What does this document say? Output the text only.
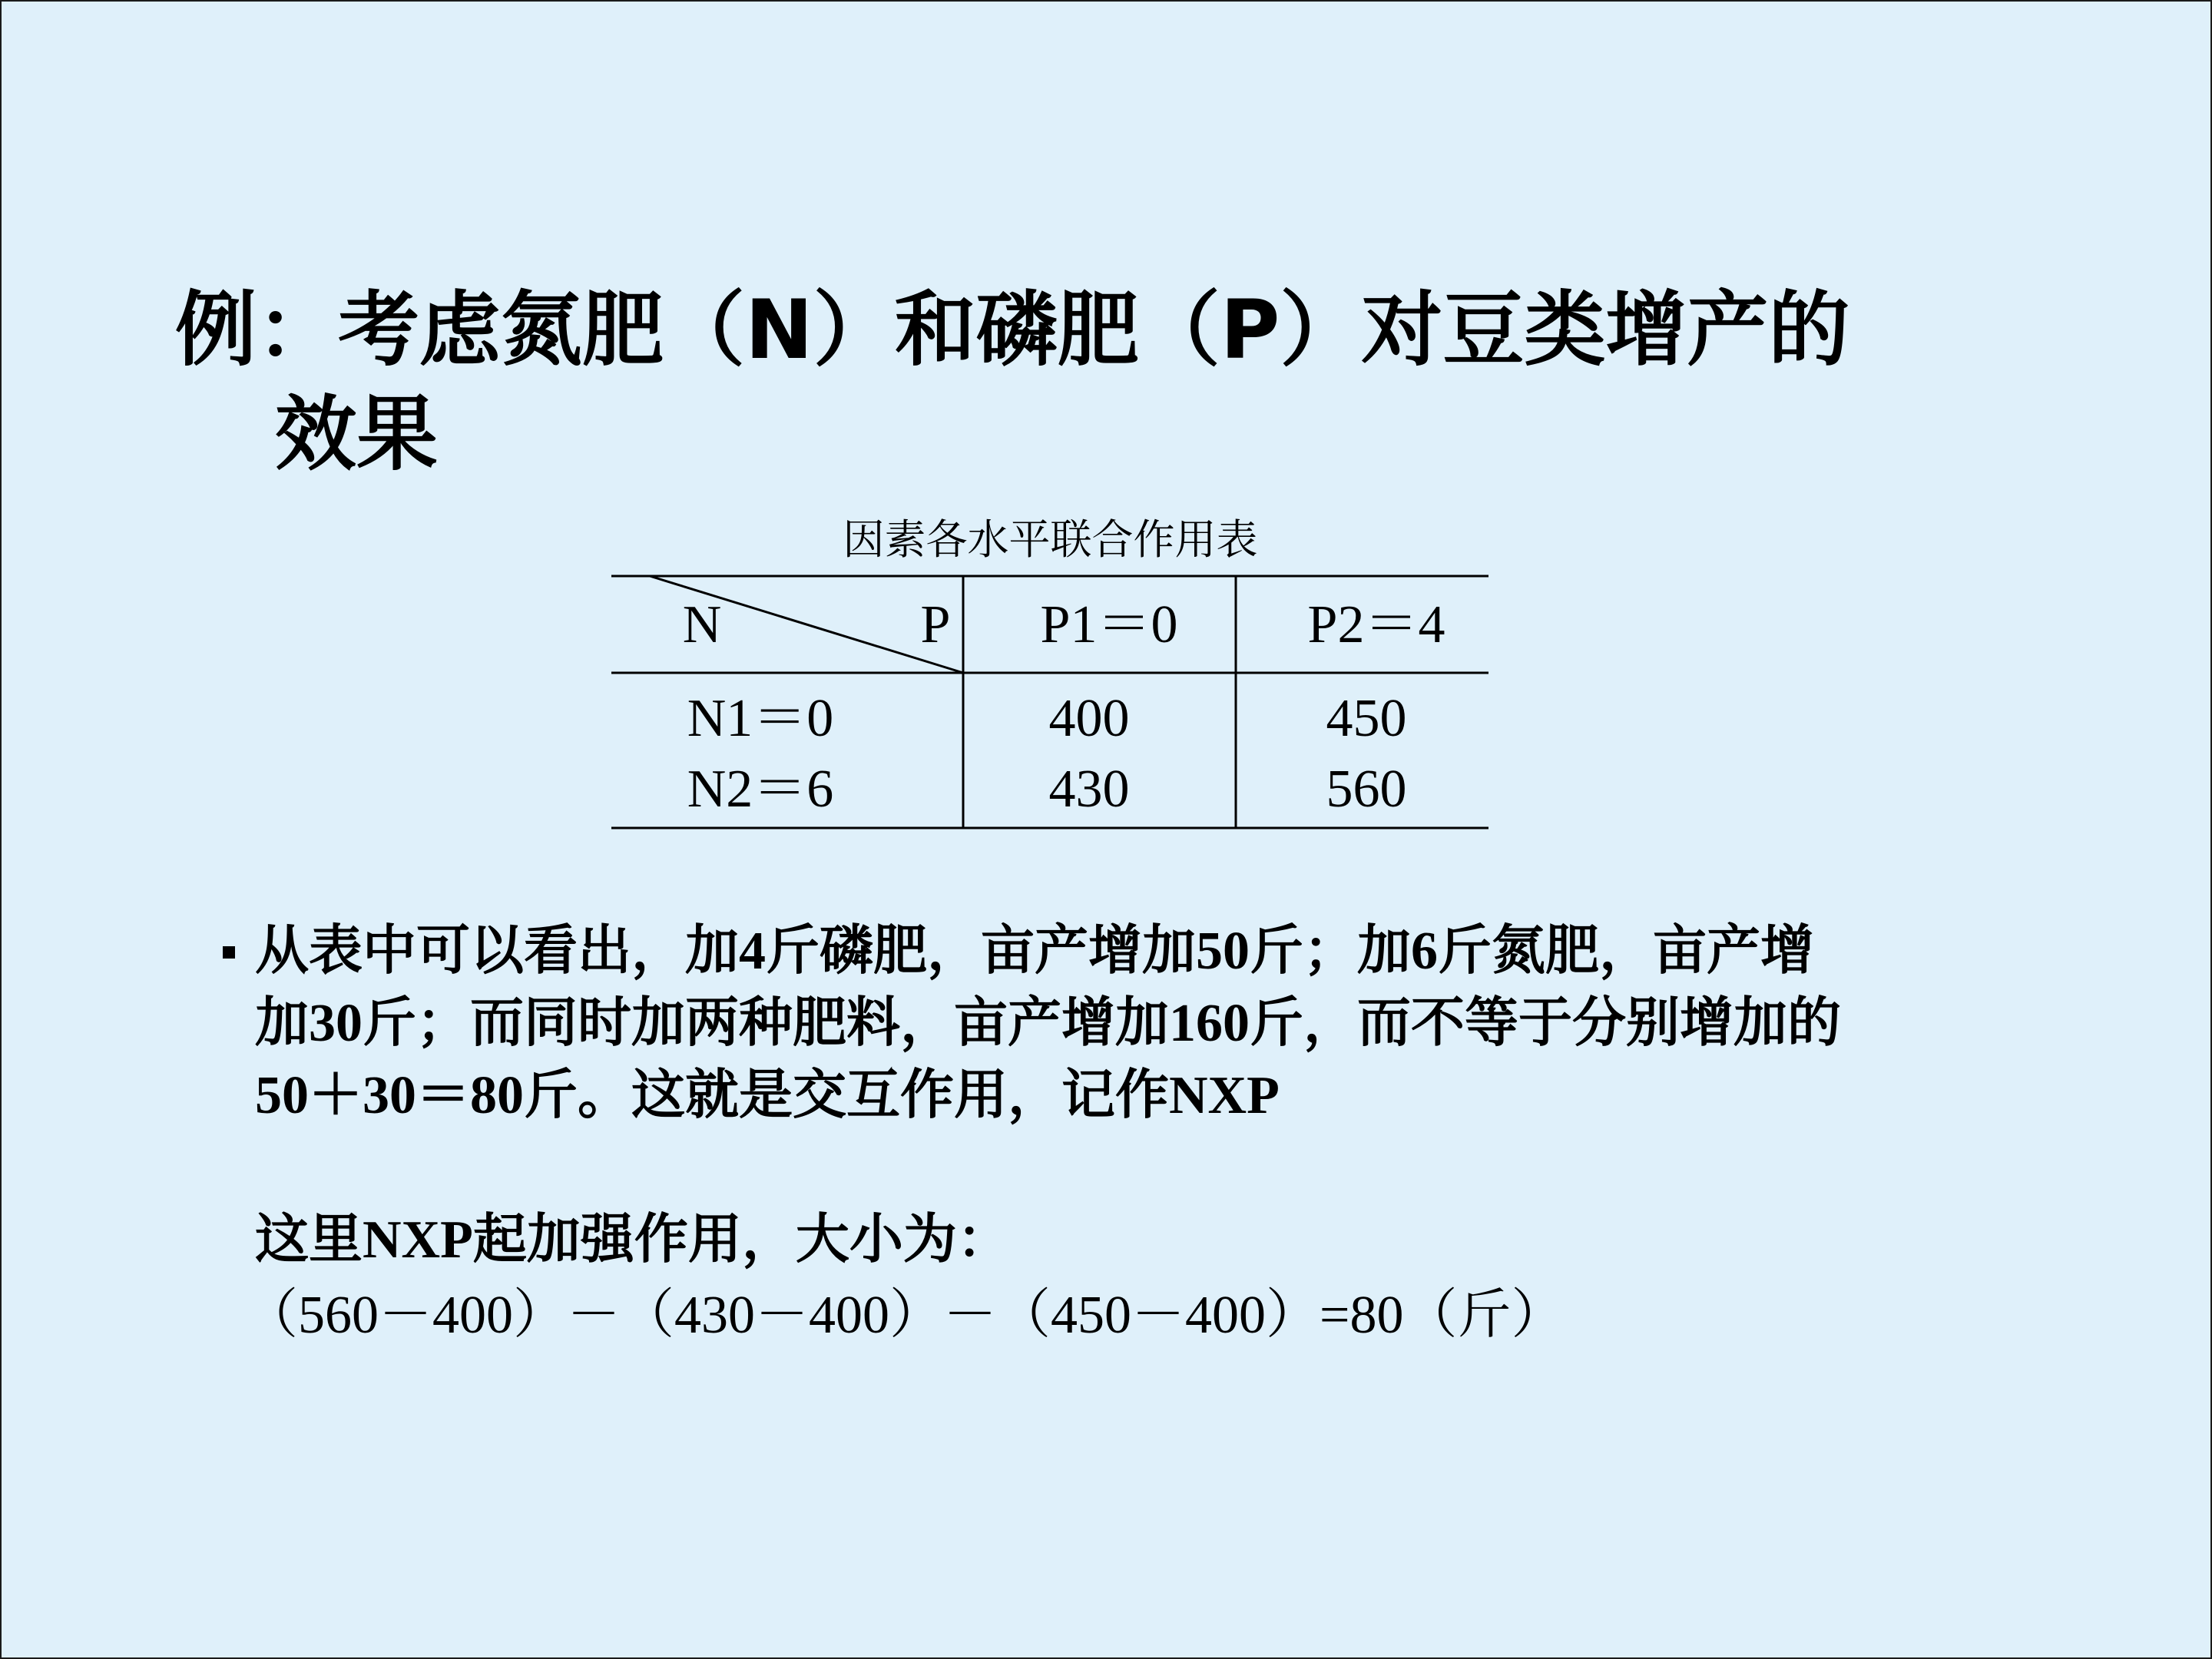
例：考虑氮肥（N）和磷肥（P）对豆类增产的
效果
因素各水平联合作用表
N	P P1＝0 P2＝4
N1＝0	400	450
N2＝6	430	560
从表中可以看出，加4斤磷肥，亩产增加50斤；加6斤氮肥，亩产增
加30斤；而同时加两种肥料，亩产增加160斤，而不等于分别增加的
50＋30＝80斤。这就是交互作用，记作NXP
这里NXP起加强作用，大小为：
（560－400）－（430－400）－（450－400）=80（斤）
